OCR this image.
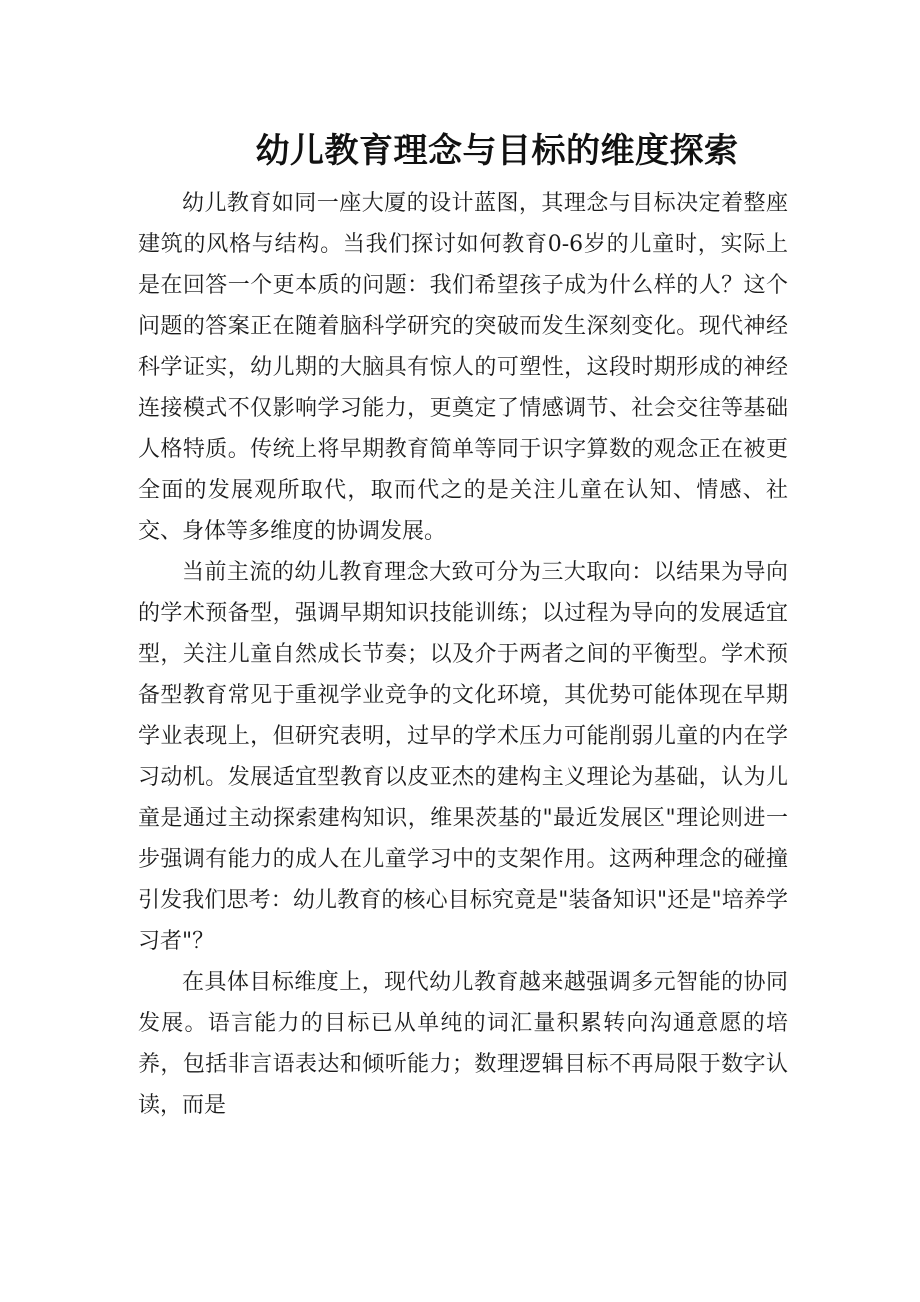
幼儿教育理念与目标的维度探索

幼儿教育如同一座大厦的设计蓝图，其理念与目标决定着整座建筑的风格与结构。当我们探讨如何教育0-6岁的儿童时，实际上是在回答一个更本质的问题：我们希望孩子成为什么样的人？这个问题的答案正在随着脑科学研究的突破而发生深刻变化。现代神经科学证实，幼儿期的大脑具有惊人的可塑性，这段时期形成的神经连接模式不仅影响学习能力，更奠定了情感调节、社会交往等基础人格特质。传统上将早期教育简单等同于识字算数的观念正在被更全面的发展观所取代，取而代之的是关注儿童在认知、情感、社交、身体等多维度的协调发展。

当前主流的幼儿教育理念大致可分为三大取向：以结果为导向的学术预备型，强调早期知识技能训练；以过程为导向的发展适宜型，关注儿童自然成长节奏；以及介于两者之间的平衡型。学术预备型教育常见于重视学业竞争的文化环境，其优势可能体现在早期学业表现上，但研究表明，过早的学术压力可能削弱儿童的内在学习动机。发展适宜型教育以皮亚杰的建构主义理论为基础，认为儿童是通过主动探索建构知识，维果茨基的"最近发展区"理论则进一步强调有能力的成人在儿童学习中的支架作用。这两种理念的碰撞引发我们思考：幼儿教育的核心目标究竟是"装备知识"还是"培养学习者"？

在具体目标维度上，现代幼儿教育越来越强调多元智能的协同发展。语言能力的目标已从单纯的词汇量积累转向沟通意愿的培养，包括非言语表达和倾听能力；数理逻辑目标不再局限于数字认读，而是
